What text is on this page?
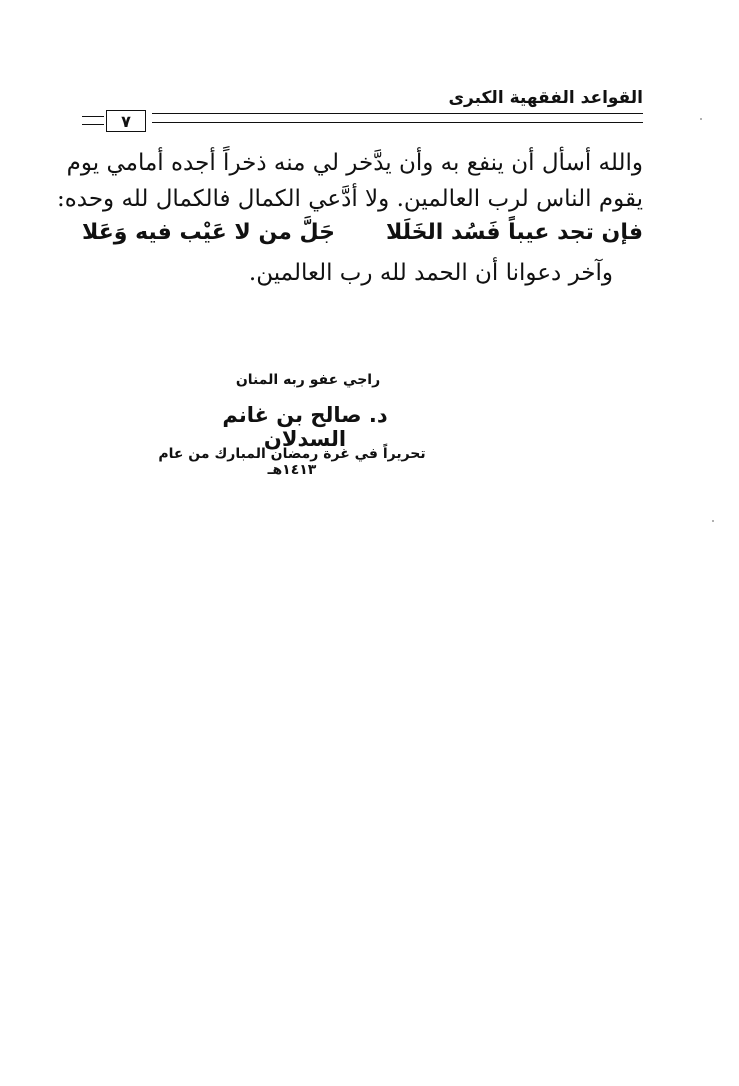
القواعد الفقهية الكبرى
٧
والله أسأل أن ينفع به وأن يدَّخر لي منه ذخراً أجده أمامي يوم
يقوم الناس لرب العالمين. ولا أدَّعي الكمال فالكمال لله وحده:
فإن تجد عيباً فَسُد الخَلَلا
جَلَّ من لا عَيْب فيه وَعَلا
وآخر دعوانا أن الحمد لله رب العالمين.
راجي عفو ربه المنان
د. صالح بن غانم السدلان
تحريراً في غرة رمضان المبارك من عام ١٤١٣هـ
